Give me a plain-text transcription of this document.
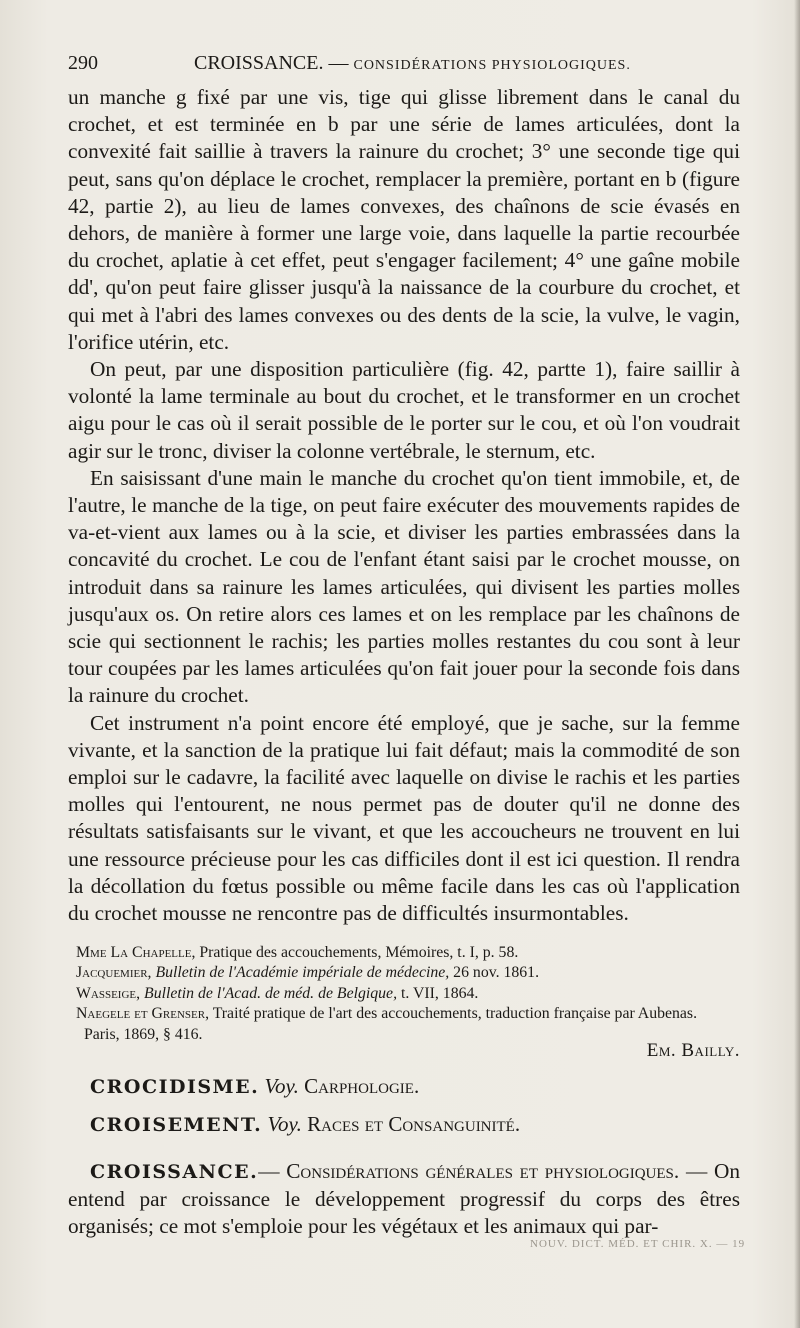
290	CROISSANCE. — CONSIDÉRATIONS PHYSIOLOGIQUES.

un manche g fixé par une vis, tige qui glisse librement dans le canal du crochet, et est terminée en b par une série de lames articulées, dont la convexité fait saillie à travers la rainure du crochet; 3° une seconde tige qui peut, sans qu'on déplace le crochet, remplacer la première, portant en b (figure 42, partie 2), au lieu de lames convexes, des chaînons de scie évasés en dehors, de manière à former une large voie, dans laquelle la partie recourbée du crochet, aplatie à cet effet, peut s'engager facilement; 4° une gaîne mobile dd', qu'on peut faire glisser jusqu'à la naissance de la courbure du crochet, et qui met à l'abri des lames convexes ou des dents de la scie, la vulve, le vagin, l'orifice utérin, etc.

On peut, par une disposition particulière (fig. 42, partte 1), faire saillir à volonté la lame terminale au bout du crochet, et le transformer en un crochet aigu pour le cas où il serait possible de le porter sur le cou, et où l'on voudrait agir sur le tronc, diviser la colonne vertébrale, le sternum, etc.

En saisissant d'une main le manche du crochet qu'on tient immobile, et, de l'autre, le manche de la tige, on peut faire exécuter des mouvements rapides de va-et-vient aux lames ou à la scie, et diviser les parties embrassées dans la concavité du crochet. Le cou de l'enfant étant saisi par le crochet mousse, on introduit dans sa rainure les lames articulées, qui divisent les parties molles jusqu'aux os. On retire alors ces lames et on les remplace par les chaînons de scie qui sectionnent le rachis; les parties molles restantes du cou sont à leur tour coupées par les lames articulées qu'on fait jouer pour la seconde fois dans la rainure du crochet.

Cet instrument n'a point encore été employé, que je sache, sur la femme vivante, et la sanction de la pratique lui fait défaut; mais la commodité de son emploi sur le cadavre, la facilité avec laquelle on divise le rachis et les parties molles qui l'entourent, ne nous permet pas de douter qu'il ne donne des résultats satisfaisants sur le vivant, et que les accoucheurs ne trouvent en lui une ressource précieuse pour les cas difficiles dont il est ici question. Il rendra la décollation du fœtus possible ou même facile dans les cas où l'application du crochet mousse ne rencontre pas de difficultés insurmontables.

Mme La Chapelle, Pratique des accouchements, Mémoires, t. I, p. 58.

Jacquemier, Bulletin de l'Académie impériale de médecine, 26 nov. 1861.

Wasseige, Bulletin de l'Acad. de méd. de Belgique, t. VII, 1864.

Naegele et Grenser, Traité pratique de l'art des accouchements, traduction française par Aubenas.

Paris, 1869, § 416.

Em. Bailly.
CROCIDISME. Voy. Carphologie.
CROISEMENT. Voy. Races et Consanguinité.

CROISSANCE.— Considérations générales et physiologiques. — On entend par croissance le développement progressif du corps des êtres organisés; ce mot s'emploie pour les végétaux et les animaux qui par-

NOUV. DICT. MÉD. ET CHIR. X. — 19
